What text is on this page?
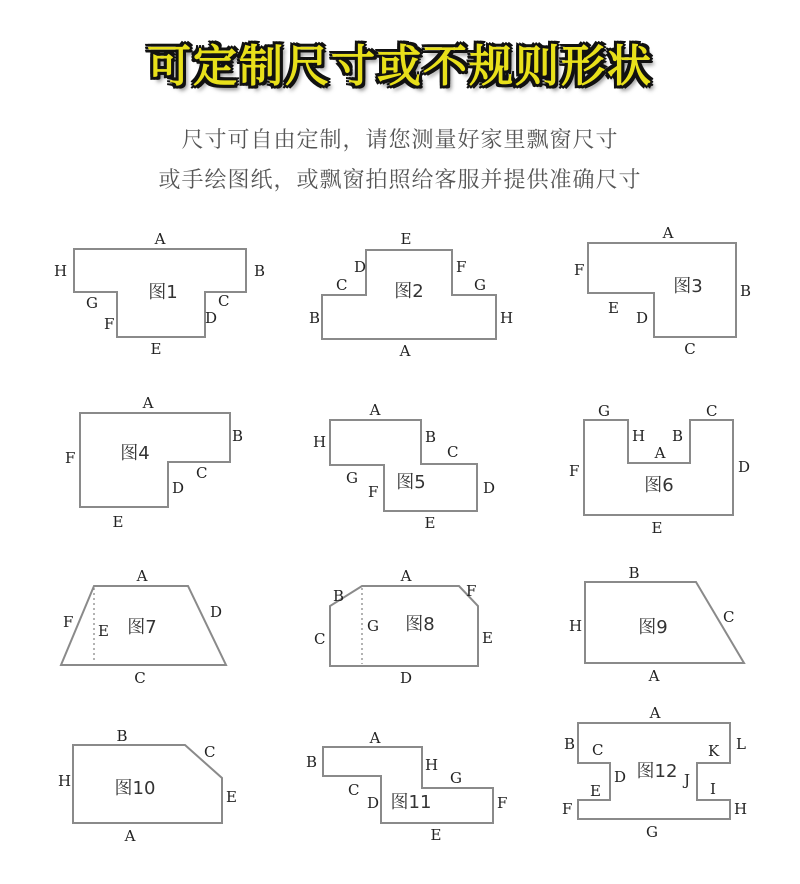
可定制尺寸或不规则形状
尺寸可自由定制，请您测量好家里飘窗尺寸
或手绘图纸，或飘窗拍照给客服并提供准确尺寸
图1
A
B
C
D
E
F
G
H
图2
E
D
C
B
F
G
H
A
图3
A
F
B
E
D
C
图4
A
B
F
C
D
E
图5
A
H	B
C
G
F	D
E
图6
G	C
H B
A
F	D
E
图7
A
F E
D
C
图8
A
B	F
C
G
E
D
图9
B
C
H
A
图10
B
C
H
E
A
图11
A
B	H
G
C
D	F
E
图12
A
B C	K L
D	J
E	I
F	H
G
